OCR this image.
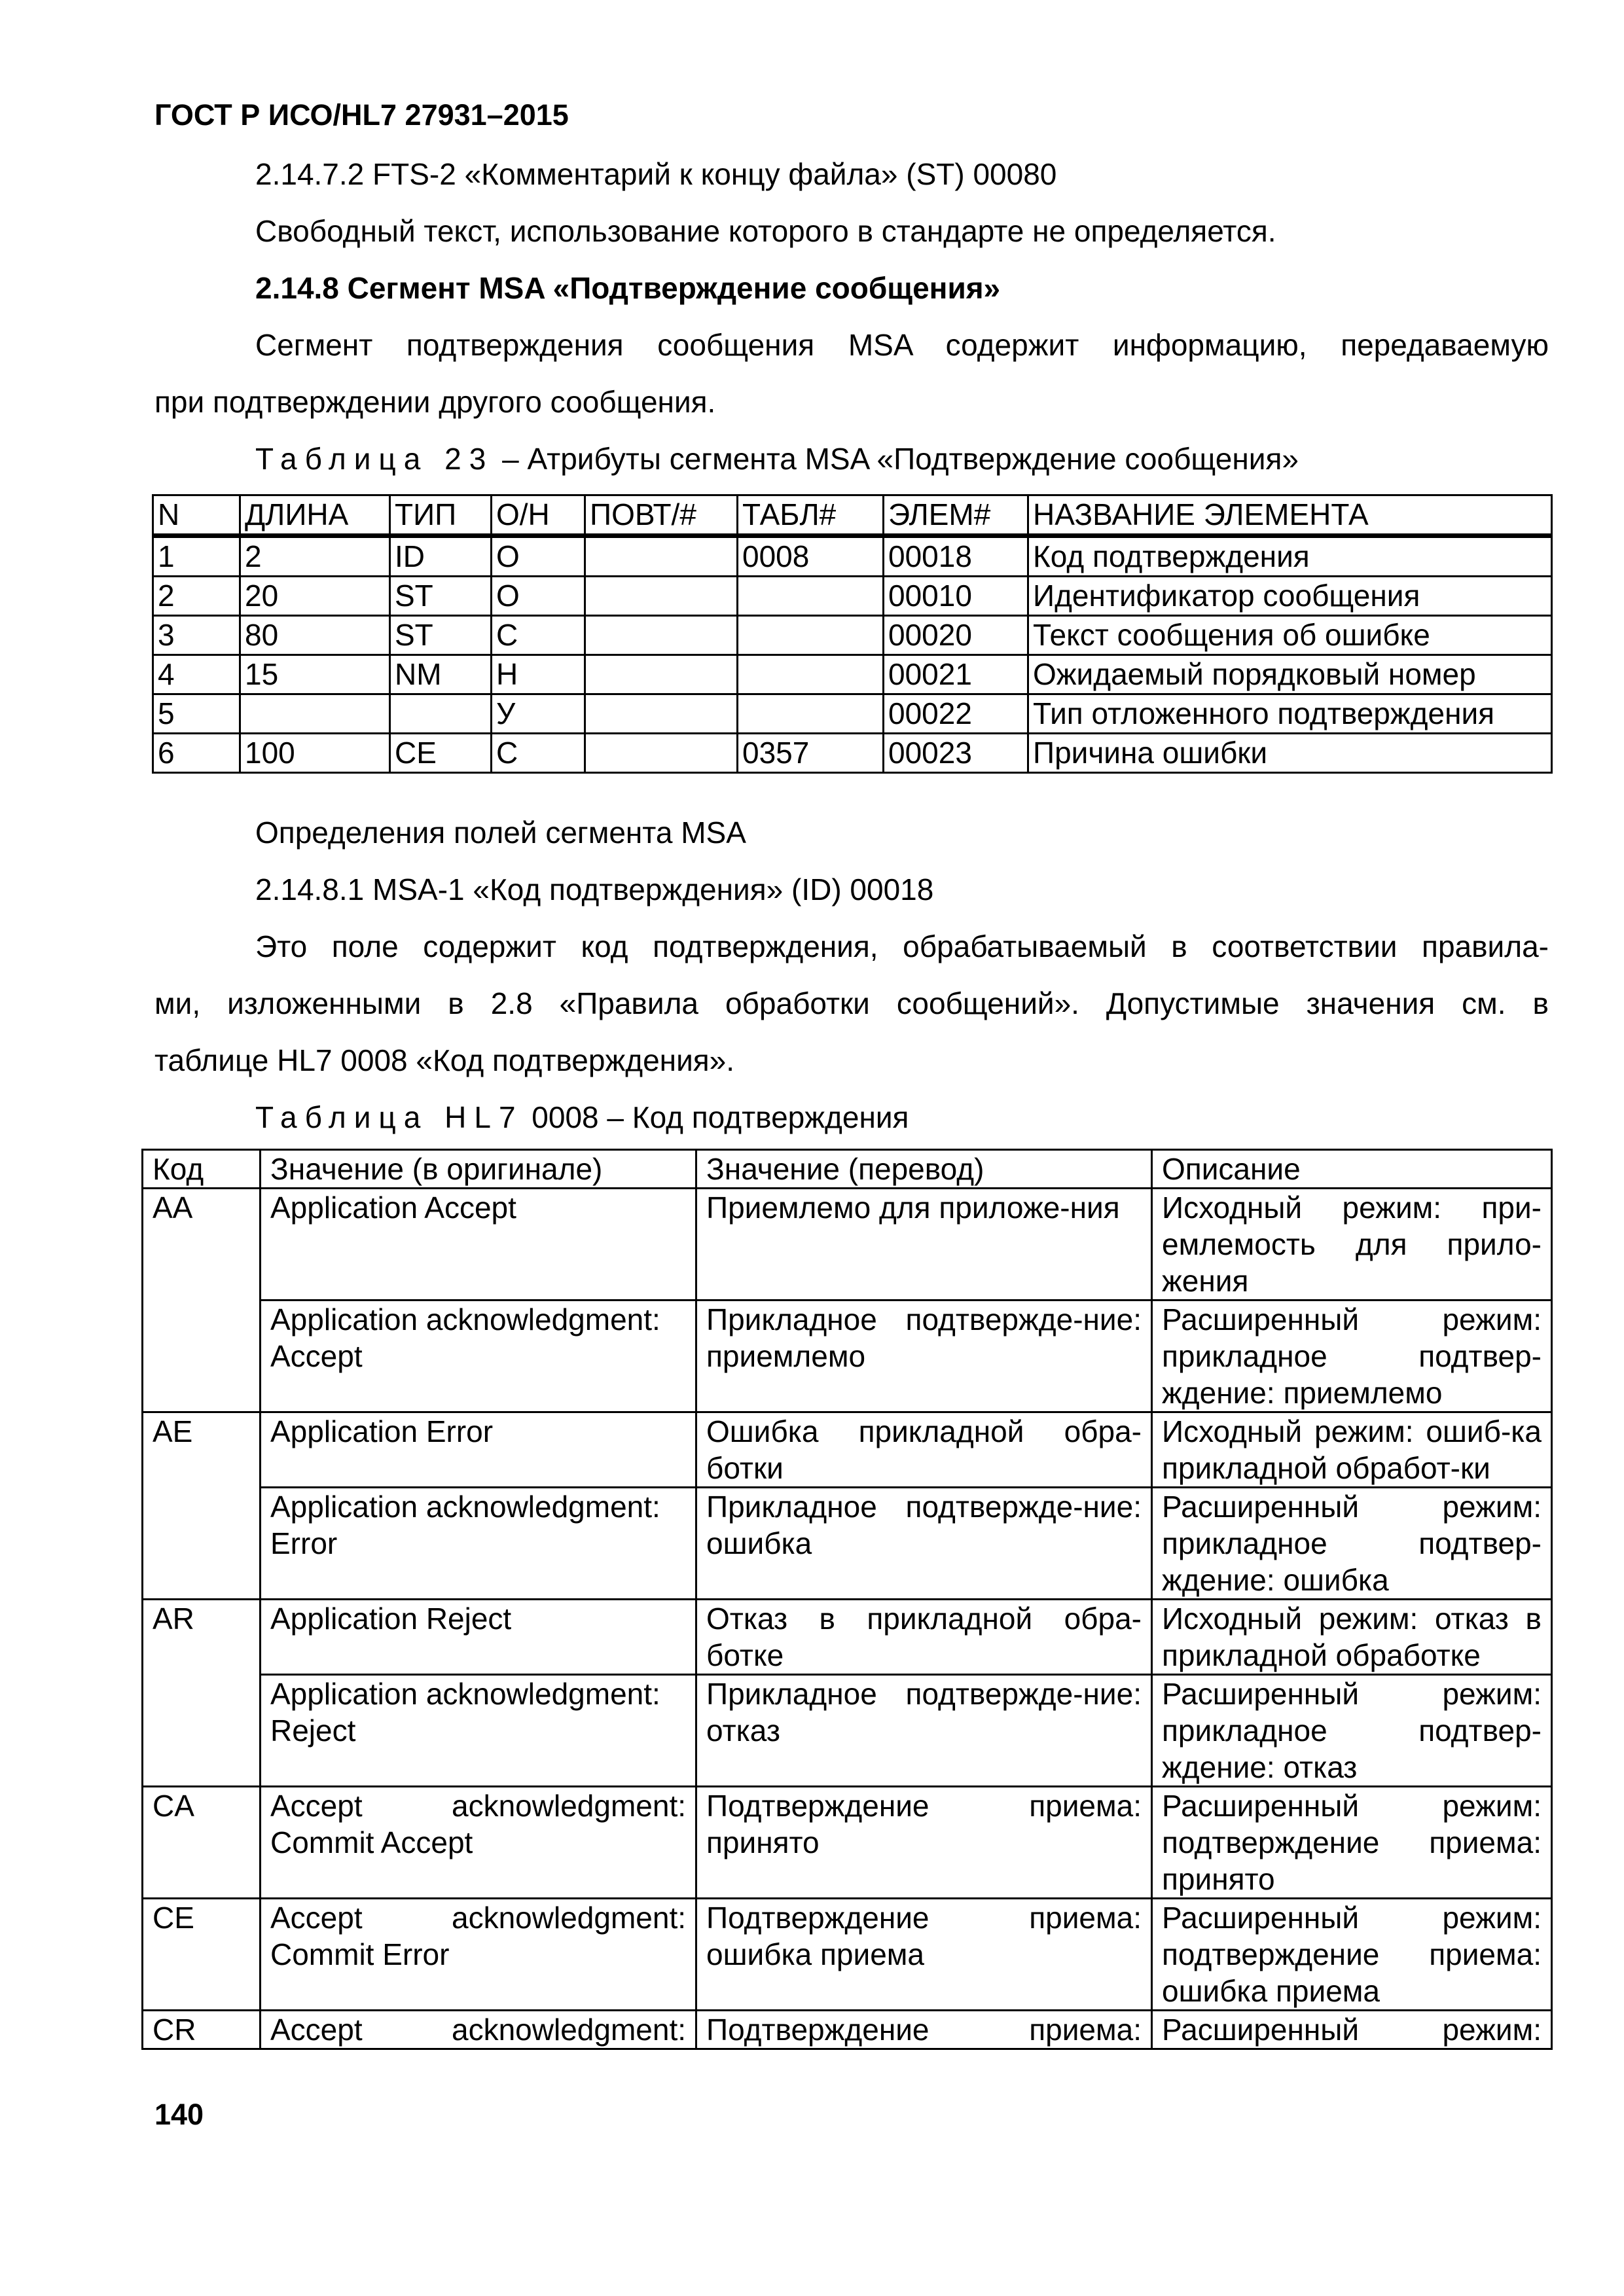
ГОСТ Р ИСО/HL7 27931–2015
2.14.7.2 FTS-2 «Комментарий к концу файла» (ST) 00080
Свободный текст, использование которого в стандарте не определяется.
2.14.8 Сегмент MSA «Подтверждение сообщения»
Сегмент подтверждения сообщения MSA содержит информацию, передаваемую
при подтверждении другого сообщения.
Таблица 23 – Атрибуты сегмента MSA «Подтверждение сообщения»
N	ДЛИНА	ТИП	О/Н	ПОВТ/#	ТАБЛ#	ЭЛЕМ#	НАЗВАНИЕ ЭЛЕМЕНТА
1	2	ID	О		0008	00018	Код подтверждения
2	20	ST	О			00010	Идентификатор сообщения
3	80	ST	С			00020	Текст сообщения об ошибке
4	15	NM	Н			00021	Ожидаемый порядковый номер
5			У			00022	Тип отложенного подтверждения
6	100	CE	С		0357	00023	Причина ошибки
Определения полей сегмента MSA
2.14.8.1 MSA-1 «Код подтверждения» (ID) 00018
Это поле содержит код подтверждения, обрабатываемый в соответствии правила-
ми, изложенными в 2.8 «Правила обработки сообщений». Допустимые значения см. в
таблице HL7 0008 «Код подтверждения».
Таблица HL7 0008 – Код подтверждения
Код	Значение (в оригинале)	Значение (перевод)	Описание
AA	Application Accept	Приемлемо для приложе-ния	Исходный режим: при-емлемость для прило-жения
	Application acknowledgment: Accept	Прикладное подтвержде-ние: приемлемо	Расширенный режим: прикладное подтвер-ждение: приемлемо
AE	Application Error	Ошибка прикладной обра-ботки	Исходный режим: ошиб-ка прикладной обработ-ки
	Application acknowledgment: Error	Прикладное подтвержде-ние: ошибка	Расширенный режим: прикладное подтвер-ждение: ошибка
AR	Application Reject	Отказ в прикладной обра-ботке	Исходный режим: отказ в прикладной обработке
	Application acknowledgment: Reject	Прикладное подтвержде-ние: отказ	Расширенный режим: прикладное подтвер-ждение: отказ
CA	Accept acknowledgment: Commit Accept	Подтверждение приема: принято	Расширенный режим: подтверждение приема: принято
CE	Accept acknowledgment: Commit Error	Подтверждение приема: ошибка приема	Расширенный режим: подтверждение приема: ошибка приема
CR	Accept acknowledgment:	Подтверждение приема:	Расширенный режим:
140
